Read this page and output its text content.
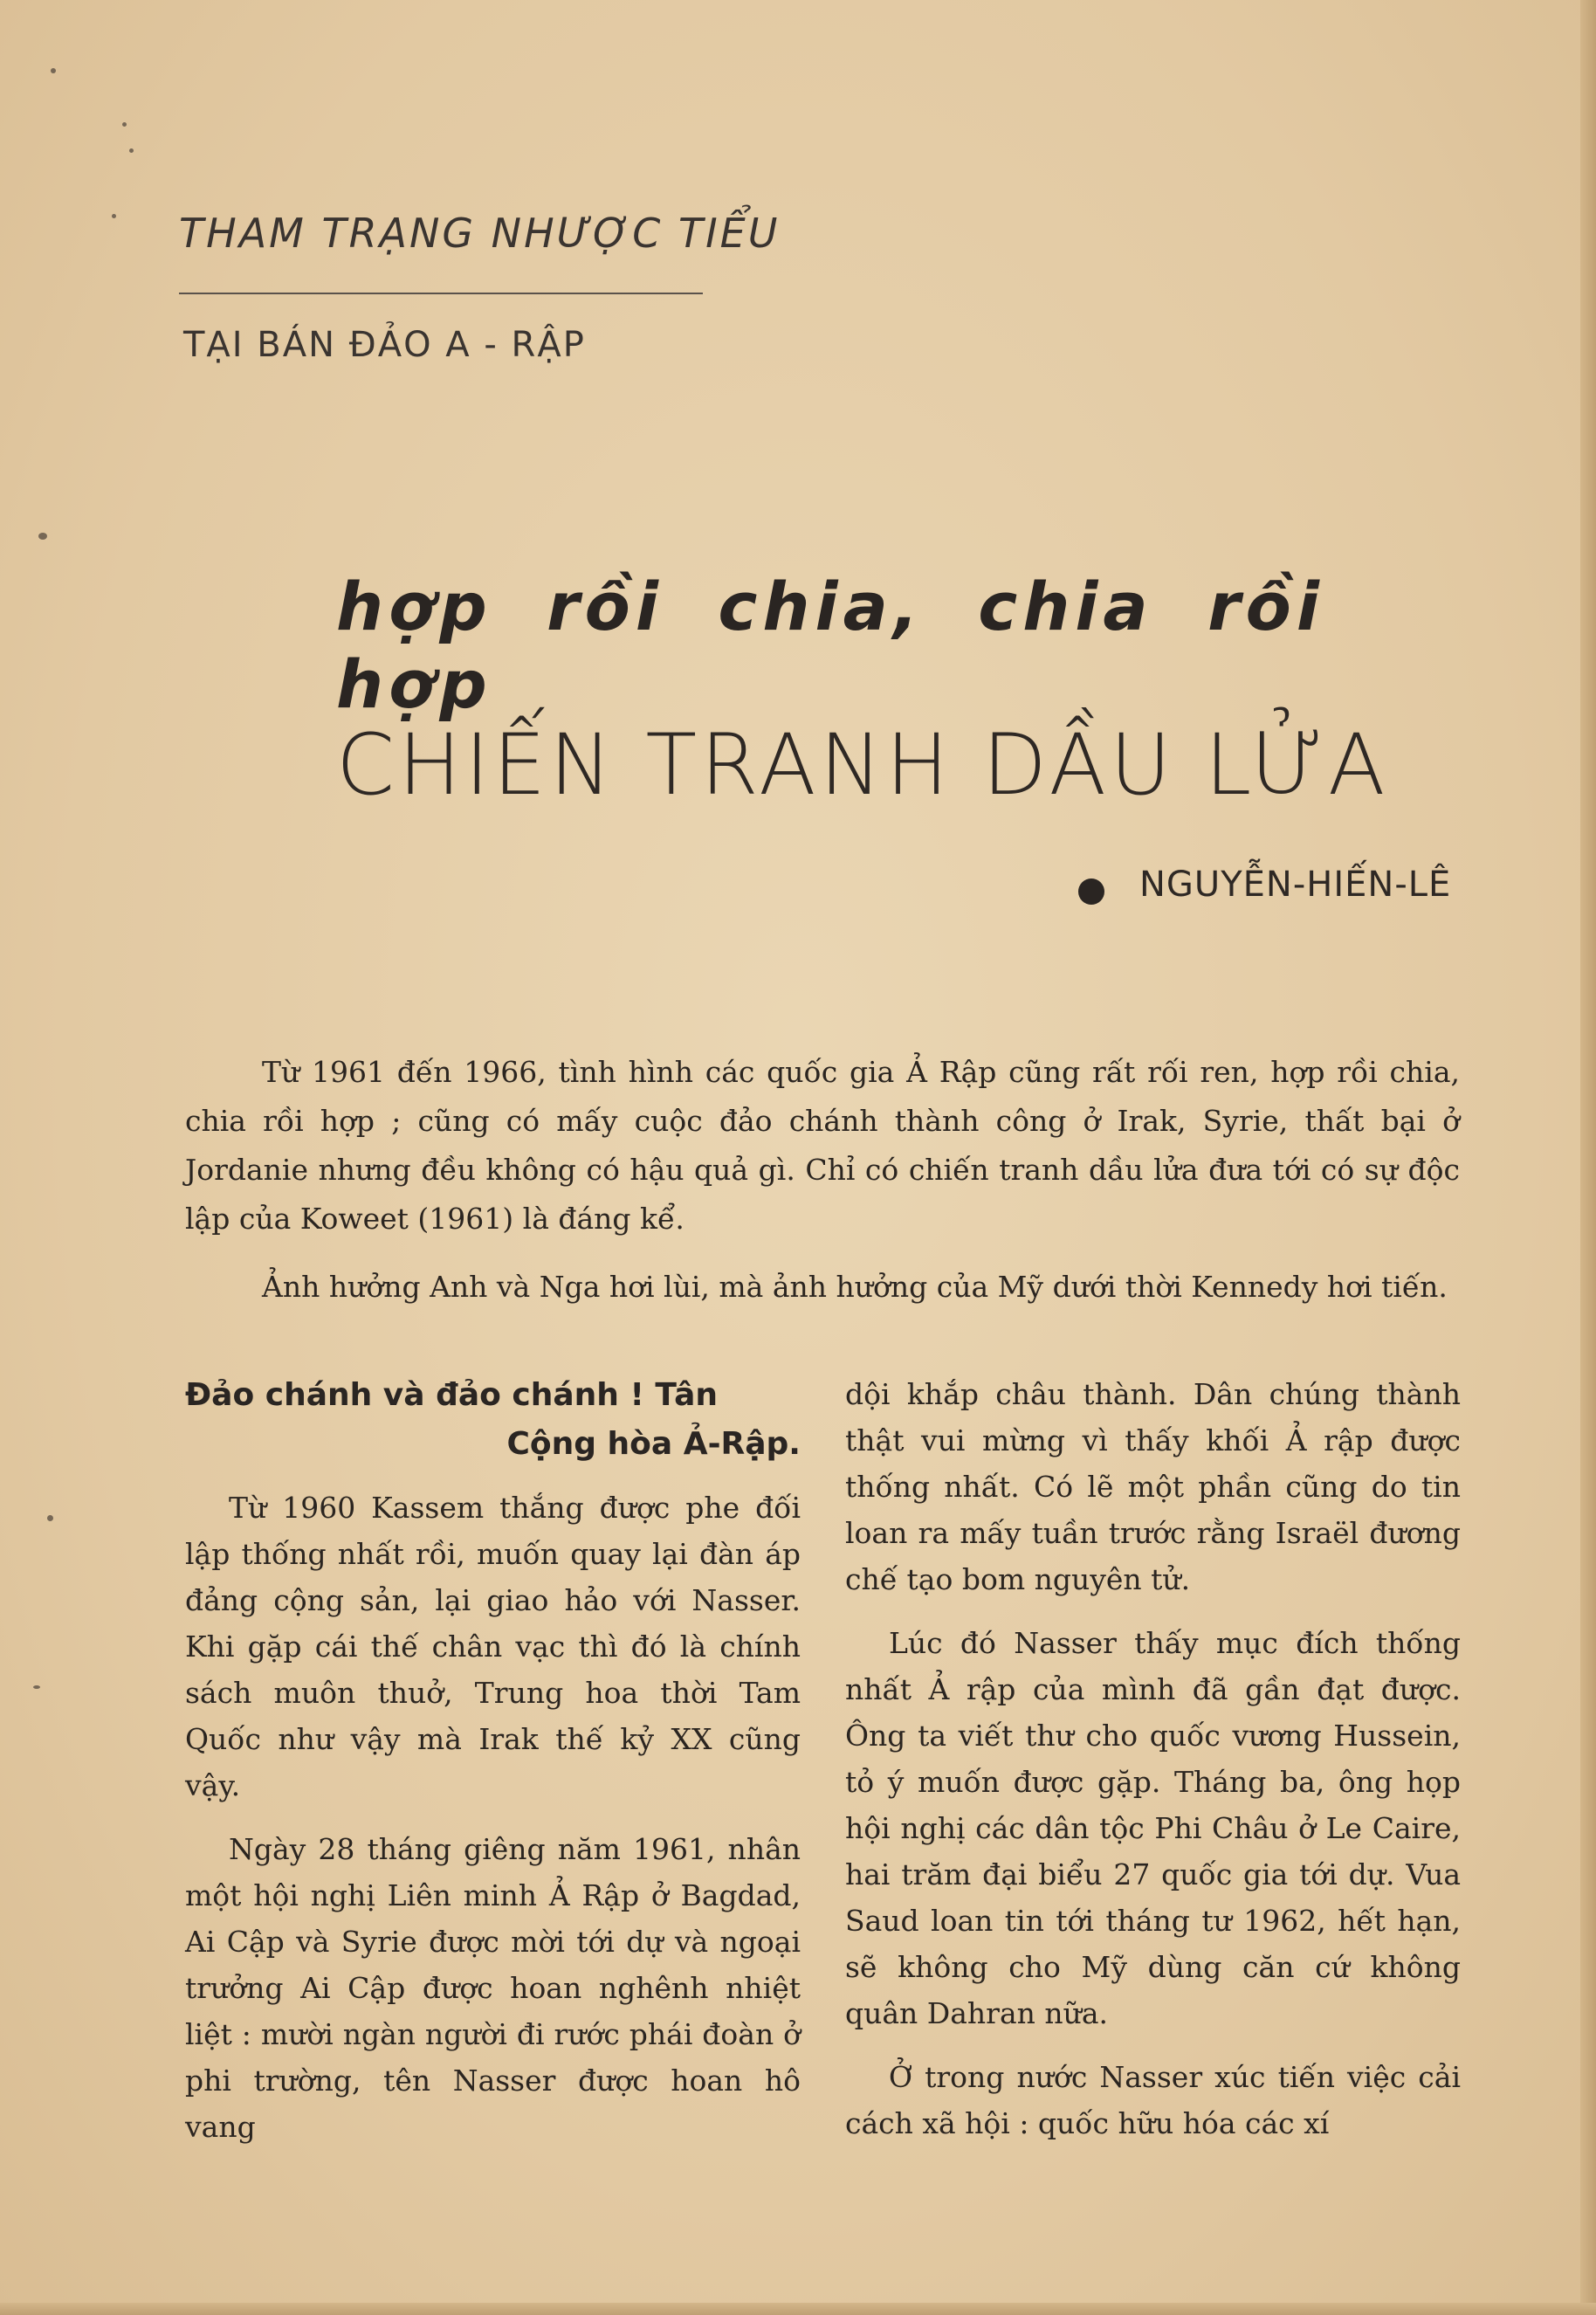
THAM TRẠNG NHƯỢC TIỂU
TẠI BÁN ĐẢO A - RẬP
hợp rồi chia, chia rồi hợp
CHIẾN TRANH DẦU LỬA
NGUYỄN-HIẾN-LÊ

Từ 1961 đến 1966, tình hình các quốc gia Ả Rập cũng rất rối ren, hợp rồi chia, chia rồi hợp ; cũng có mấy cuộc đảo chánh thành công ở Irak, Syrie, thất bại ở Jordanie nhưng đều không có hậu quả gì. Chỉ có chiến tranh dầu lửa đưa tới có sự độc lập của Koweet (1961) là đáng kể.

Ảnh hưởng Anh và Nga hơi lùi, mà ảnh hưởng của Mỹ dưới thời Kennedy hơi tiến.

Đảo chánh và đảo chánh ! Tân
Cộng hòa Ả-Rập.

Từ 1960 Kassem thắng được phe đối lập thống nhất rồi, muốn quay lại đàn áp đảng cộng sản, lại giao hảo với Nasser. Khi gặp cái thế chân vạc thì đó là chính sách muôn thuở, Trung hoa thời Tam Quốc như vậy mà Irak thế kỷ XX cũng vậy.

Ngày 28 tháng giêng năm 1961, nhân một hội nghị Liên minh Ả Rập ở Bagdad, Ai Cập và Syrie được mời tới dự và ngoại trưởng Ai Cập được hoan nghênh nhiệt liệt : mười ngàn người đi rước phái đoàn ở phi trường, tên Nasser được hoan hô vang

dội khắp châu thành. Dân chúng thành thật vui mừng vì thấy khối Ả rập được thống nhất. Có lẽ một phần cũng do tin loan ra mấy tuần trước rằng Israël đương chế tạo bom nguyên tử.

Lúc đó Nasser thấy mục đích thống nhất Ả rập của mình đã gần đạt được. Ông ta viết thư cho quốc vương Hussein, tỏ ý muốn được gặp. Tháng ba, ông họp hội nghị các dân tộc Phi Châu ở Le Caire, hai trăm đại biểu 27 quốc gia tới dự. Vua Saud loan tin tới tháng tư 1962, hết hạn, sẽ không cho Mỹ dùng căn cứ không quân Dahran nữa.

Ở trong nước Nasser xúc tiến việc cải cách xã hội : quốc hữu hóa các xí
